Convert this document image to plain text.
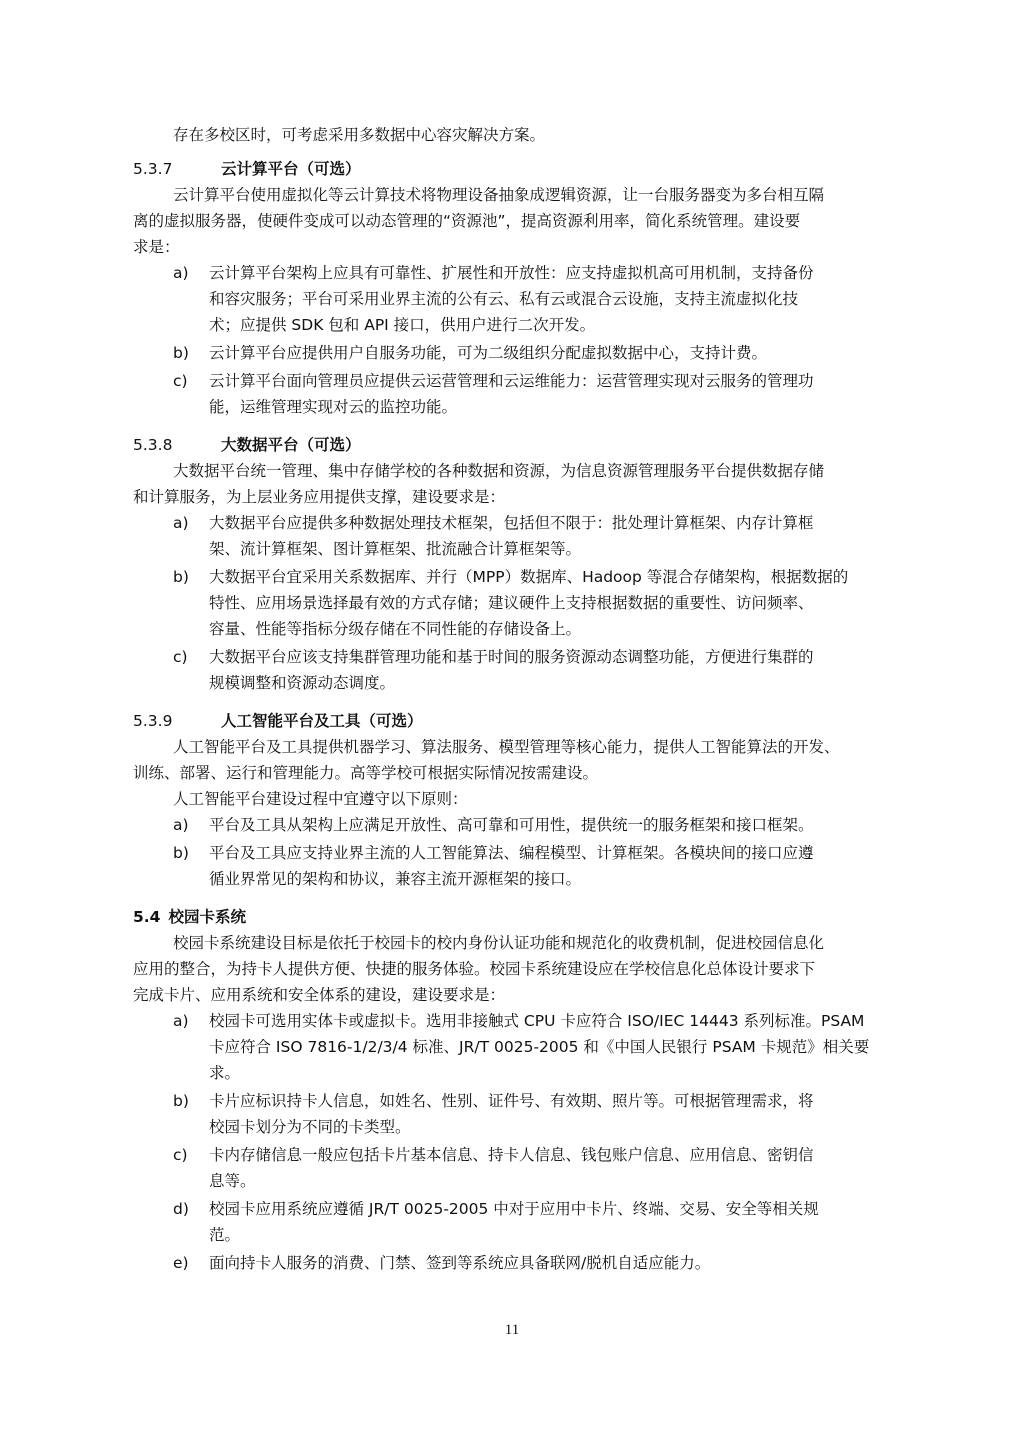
存在多校区时，可考虑采用多数据中心容灾解决方案。

5.3.7	云计算平台（可选）

云计算平台使用虚拟化等云计算技术将物理设备抽象成逻辑资源，让一台服务器变为多台相互隔

离的虚拟服务器，使硬件变成可以动态管理的“资源池”，提高资源利用率，简化系统管理。建设要

求是：

a)	云计算平台架构上应具有可靠性、扩展性和开放性：应支持虚拟机高可用机制，支持备份
和容灾服务；平台可采用业界主流的公有云、私有云或混合云设施，支持主流虚拟化技
术；应提供 SDK 包和 API 接口，供用户进行二次开发。
b)	云计算平台应提供用户自服务功能，可为二级组织分配虚拟数据中心，支持计费。
c)	云计算平台面向管理员应提供云运营管理和云运维能力：运营管理实现对云服务的管理功
能，运维管理实现对云的监控功能。
5.3.8	大数据平台（可选）

大数据平台统一管理、集中存储学校的各种数据和资源，为信息资源管理服务平台提供数据存储

和计算服务，为上层业务应用提供支撑，建设要求是：

a)	大数据平台应提供多种数据处理技术框架，包括但不限于：批处理计算框架、内存计算框
架、流计算框架、图计算框架、批流融合计算框架等。
b)	大数据平台宜采用关系数据库、并行（MPP）数据库、Hadoop 等混合存储架构，根据数据的
特性、应用场景选择最有效的方式存储；建议硬件上支持根据数据的重要性、访问频率、
容量、性能等指标分级存储在不同性能的存储设备上。
c)	大数据平台应该支持集群管理功能和基于时间的服务资源动态调整功能，方便进行集群的
规模调整和资源动态调度。
5.3.9	人工智能平台及工具（可选）

人工智能平台及工具提供机器学习、算法服务、模型管理等核心能力，提供人工智能算法的开发、

训练、部署、运行和管理能力。高等学校可根据实际情况按需建设。

人工智能平台建设过程中宜遵守以下原则：

a)	平台及工具从架构上应满足开放性、高可靠和可用性，提供统一的服务框架和接口框架。
b)	平台及工具应支持业界主流的人工智能算法、编程模型、计算框架。各模块间的接口应遵
循业界常见的架构和协议，兼容主流开源框架的接口。
5.4 校园卡系统

校园卡系统建设目标是依托于校园卡的校内身份认证功能和规范化的收费机制，促进校园信息化

应用的整合，为持卡人提供方便、快捷的服务体验。校园卡系统建设应在学校信息化总体设计要求下

完成卡片、应用系统和安全体系的建设，建设要求是：

a)	校园卡可选用实体卡或虚拟卡。选用非接触式 CPU 卡应符合 ISO/IEC 14443 系列标准。PSAM
卡应符合 ISO 7816-1/2/3/4 标准、JR/T 0025-2005 和《中国人民银行 PSAM 卡规范》相关要
求。
b)	卡片应标识持卡人信息，如姓名、性别、证件号、有效期、照片等。可根据管理需求，将
校园卡划分为不同的卡类型。
c)	卡内存储信息一般应包括卡片基本信息、持卡人信息、钱包账户信息、应用信息、密钥信
息等。
d)	校园卡应用系统应遵循 JR/T 0025-2005 中对于应用中卡片、终端、交易、安全等相关规
范。
e)	面向持卡人服务的消费、门禁、签到等系统应具备联网/脱机自适应能力。
11
